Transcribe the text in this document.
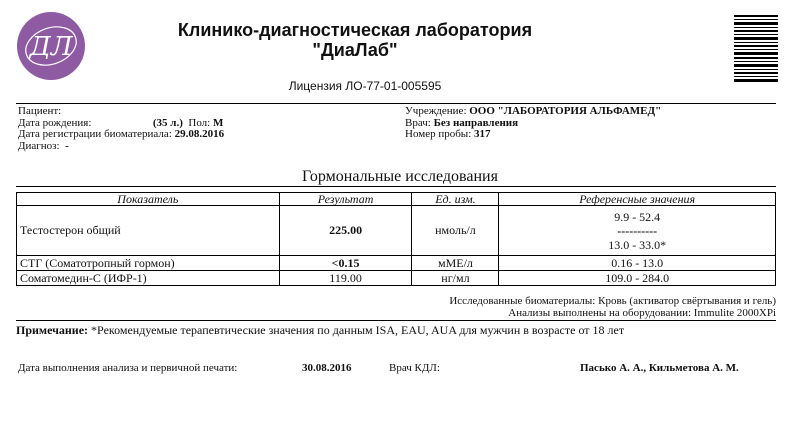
ДЛ
Клинико-диагностическая лаборатория
"ДиаЛаб"
Лицензия ЛО-77-01-005595
Пациент:
Дата рождения:	(35 л.) Пол: М
Дата регистрации биоматериала: 29.08.2016
Диагноз: -
Учреждение: ООО "ЛАБОРАТОРИЯ АЛЬФАМЕД"
Врач: Без направления
Номер пробы: 317
Гормональные исследования
Показатель	Результат	Ед. изм.	Референсные значения
Тестостерон общий	225.00	нмоль/л	9.9 - 52.4
----------
13.0 - 33.0*

СТГ (Соматотропный гормон)	<0.15	мМЕ/л	0.16 - 13.0
Соматомедин-С (ИФР-1)	119.00	нг/мл	109.0 - 284.0
Исследованные биоматериалы: Кровь (активатор свёртывания и гель)
Анализы выполнены на оборудовании: Immulite 2000XPi
Примечание: *Рекомендуемые терапевтические значения по данным ISA, EAU, AUA для мужчин в возрасте от 18 лет
Дата выполнения анализа и первичной печати:	30.08.2016	Врач КДЛ:	Пасько А. А., Кильметова А. М.
